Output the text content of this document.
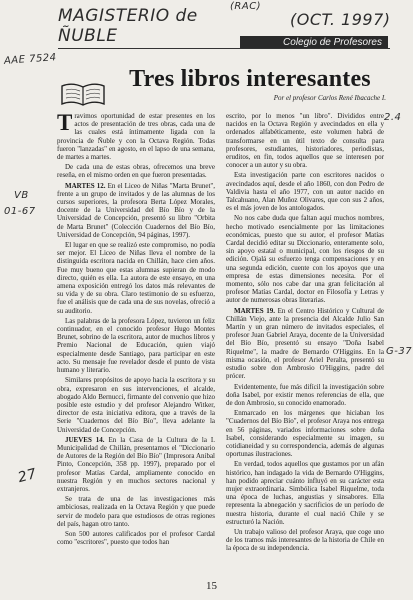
MAGISTERIO de ÑUBLE
(RAC)
(OCT. 1997)
AAE 7524
VB
01-67
2.4
G-37
27
Colegio de Profesores
Tres libros interesantes
Por el profesor Carlos René Ibacache I.

Travimos oportunidad de estar presentes en los actos de presentación de tres obras, cada una de las cuales está íntimamente ligada con la provincia de Ñuble y con la Octava Región. Todas fueron "lanzadas" en agosto, en el lapso de una semana, de martes a martes.

De cada una de estas obras, ofrecemos una breve reseña, en el mismo orden en que fueron presentadas.

MARTES 12. En el Liceo de Niñas "Marta Brunet", frente a un grupo de invitados y de las alumnas de los cursos superiores, la profesora Berta López Morales, docente de la Universidad del Bío Bío y de la Universidad de Concepción, presentó su libro "Orbita de Marta Brunet" (Colección Cuadernos del Bío Bío, Universidad de Concepción, 94 páginas, 1997).

El lugar en que se realizó este compromiso, no podía ser mejor. El Liceo de Niñas lleva el nombre de la distinguida escritora nacida en Chillán, hace cien años. Fue muy bueno que estas alumnas supieran de modo directo, quién es ella. La autora de este ensayo, en una amena exposición entregó los datos más relevantes de su vida y de su obra. Claro testimonio de su esfuerzo, fue el análisis que de cada una de sus novelas, ofreció a su auditorio.

Las palabras de la profesora López, tuvieron un feliz continuador, en el conocido profesor Hugo Montes Brunet, sobrino de la escritora, autor de muchos libros y Premio Nacional de Educación, quien viajó especialmente desde Santiago, para participar en este acto. Su mensaje fue revelador desde el punto de vista humano y literario.

Similares propósitos de apoyo hacia la escritora y su obra, expresaron en sus intervenciones, el alcalde, abogado Aldo Bernucci, firmante del convenio que hizo posible este estudio y del profesor Alejandro Witker, director de esta iniciativa editora, que a través de la Serie "Cuadernos del Bío Bío", lleva adelante la Universidad de Concepción.

JUEVES 14. En la Casa de la Cultura de la I. Municipalidad de Chillán, presentamos el "Diccionario de Autores de la Región del Bío Bío" (Impresora Anibal Pinto, Concepción, 358 pp. 1997), preparado por el profesor Matías Cardal, ampliamente conocido en nuestra Región y en muchos sectores nacional y extranjeros.

Se trata de una de las investigaciones más ambiciosas, realizada en la Octava Región y que puede servir de modelo para que estudiosos de otras regiones del país, hagan otro tanto.

Son 500 autores calificados por el profesor Cardal como "escritores", puesto que todos han

escrito, por lo menos "un libro". Divididos entre nacidos en la Octava Región y avecindados en ella y ordenados alfabéticamente, este volumen habrá de transformarse en un útil texto de consulta para profesores, estudiantes, historiadores, periodistas, eruditos, en fin, todos aquellos que se interesen por conocer a un autor y su obra.

Esta investigación parte con escritores nacidos o avecindados aquí, desde el año 1860, con don Pedro de Valdivia hasta el año 1977, con un autor nacido en Talcahuano, Alan Muñoz Olivares, que con sus 2 años, es el más joven de los antologados.

No nos cabe duda que faltan aquí muchos nombres, hecho motivado esencialmente por las limitaciones económicas, puesto que su autor, el profesor Matías Cardal decidió editar su Diccionario, enteramente solo, sin apoyo estatal o municipal, con los riesgos de su edición. Ojalá su esfuerzo tenga compensaciones y en una segunda edición, cuente con los apoyos que una empresa de estas dimensiones necesita. Por el momento, sólo nos cabe dar una gran felicitación al profesor Matías Cardal, doctor en Filosofía y Letras y autor de numerosas obras literarias.

MARTES 19. En el Centro Histórico y Cultural de Chillán Viejo, ante la presencia del Alcalde Julio San Martín y un gran número de invitados especiales, el profesor Juan Gabriel Araya, docente de la Universidad del Bío Bío, presentó su ensayo "Doña Isabel Riquelme", la madre de Bernardo O'Higgins. En la misma ocasión, el profesor Ariel Peralta, presentó su estudio sobre don Ambrosio O'Higgins, padre del prócer.

Evidentemente, fue más difícil la investigación sobre doña Isabel, por existir menos referencias de ella, que de don Ambrosio, su conocido enamorado.

Enmarcado en los márgenes que hiciaban los "Cuadernos del Bío Bío", el profesor Araya nos entrega en 56 páginas, variados informaciones sobre doña Isabel, considerando especialmente su imagen, su cotidianeidad y su correspondencia, además de algunas oportunas ilustraciones.

En verdad, todos aquellos que gustamos por un afán histórico, han indagado la vida de Bernardo O'Higgins, han podido apreciar cuánto influyó en su carácter esta mujer extraordinaria. Simbólica Isabel Riquelme, toda una época de luchas, angustias y sinsabores. Ella representa la abnegación y sacrificios de un período de nuestra historia, durante el cual nació Chile y se estructuró la Nación.

Un trabajo valioso del profesor Araya, que coge uno de los tramos más interesantes de la historia de Chile en la época de su independencia.

15
